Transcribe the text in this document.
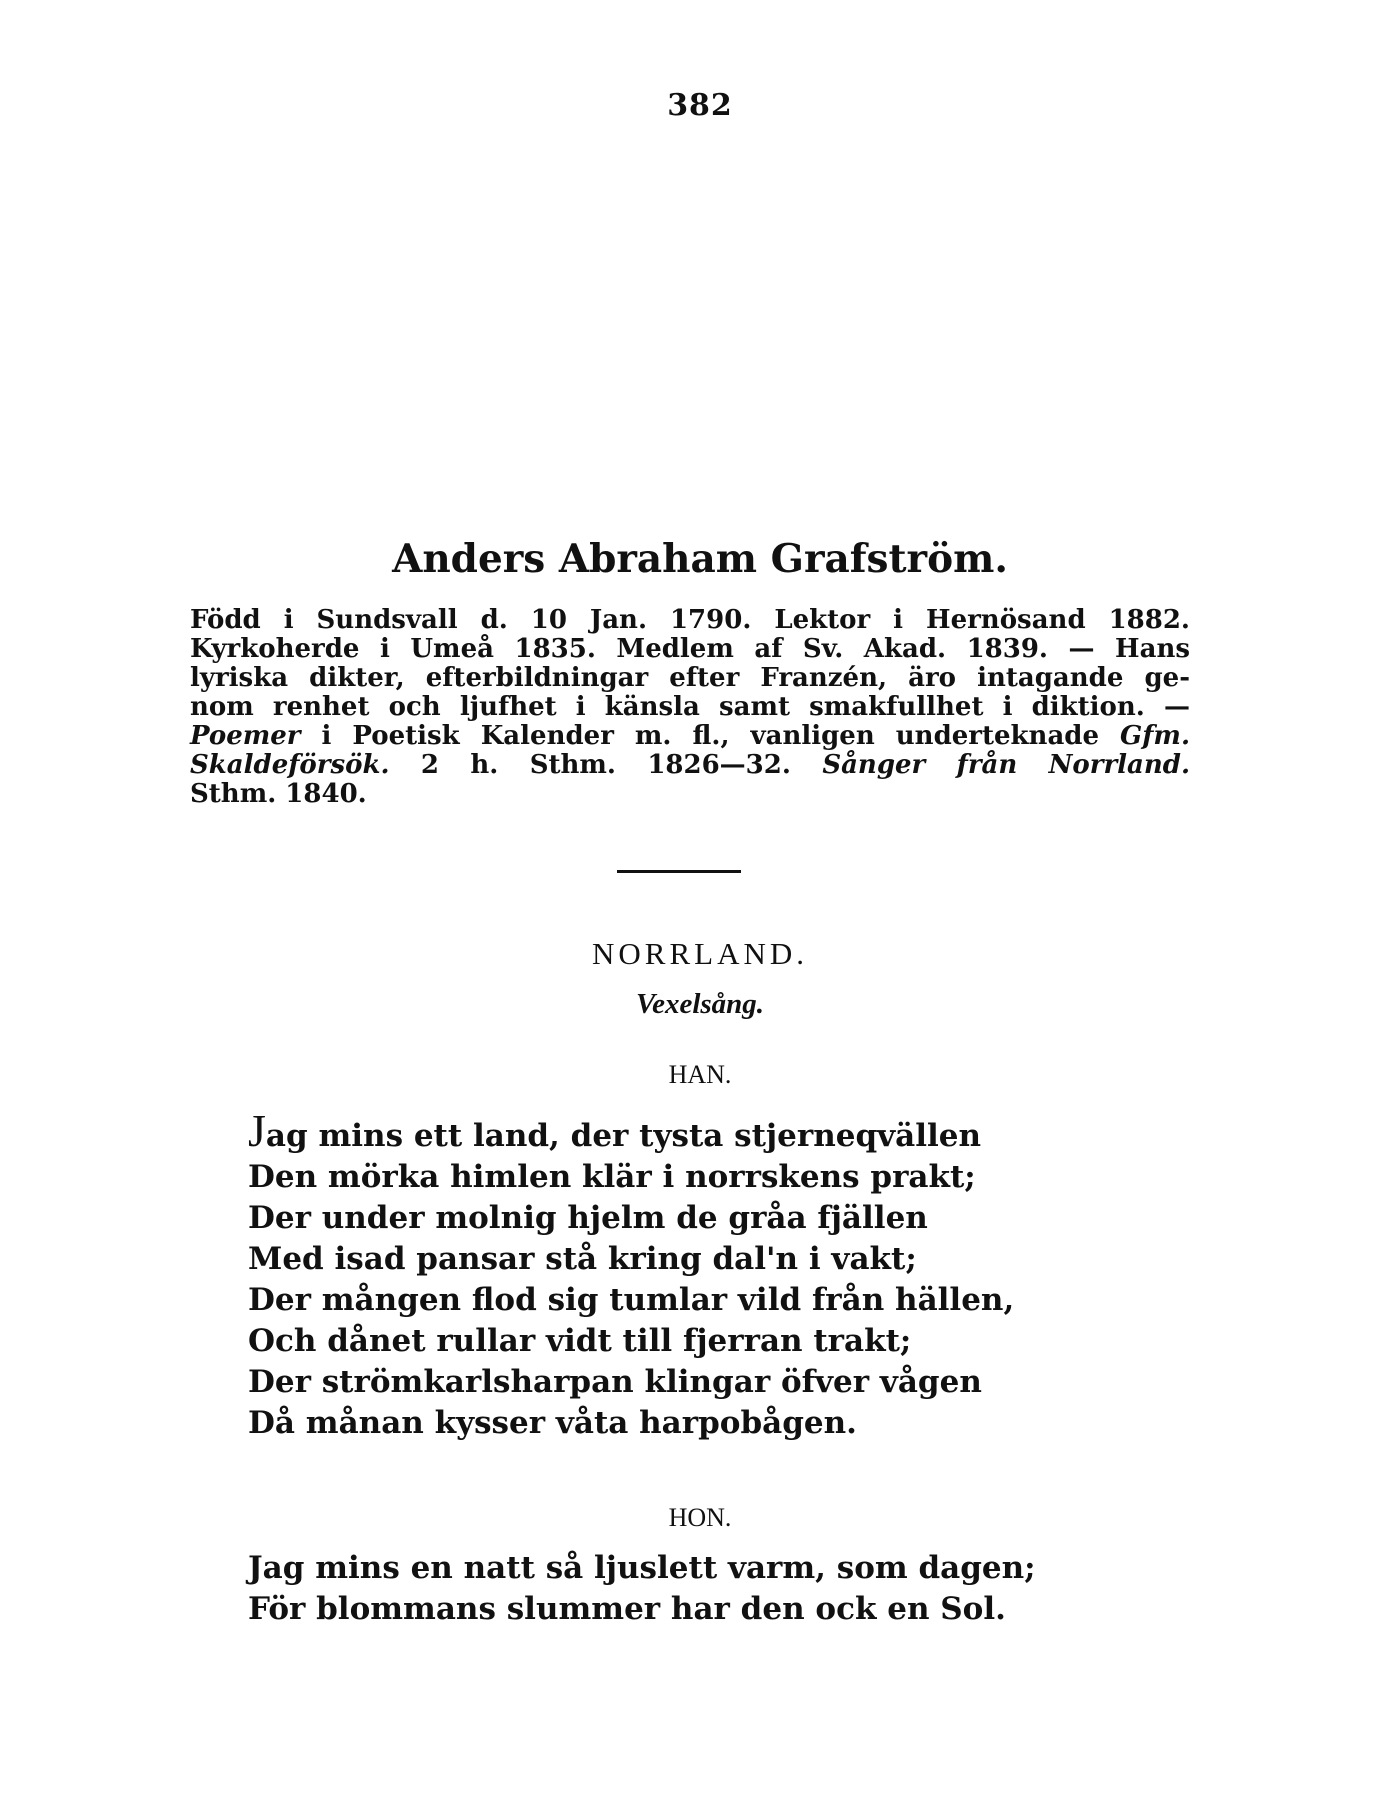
382
Anders Abraham Grafström.
Född i Sundsvall d. 10 Jan. 1790. Lektor i Hernösand 1882.
Kyrkoherde i Umeå 1835. Medlem af Sv. Akad. 1839. — Hans
lyriska dikter, efterbildningar efter Franzén, äro intagande ge-
nom renhet och ljufhet i känsla samt smakfullhet i diktion. —
Poemer i Poetisk Kalender m. fl., vanligen underteknade Gfm.
Skaldeförsök. 2 h. Sthm. 1826—32. Sånger från Norrland.
Sthm. 1840.
NORRLAND.
Vexelsång.
HAN.
Jag mins ett land, der tysta stjerneqvällen
Den mörka himlen klär i norrskens prakt;
Der under molnig hjelm de gråa fjällen
Med isad pansar stå kring dal'n i vakt;
Der mången flod sig tumlar vild från hällen,
Och dånet rullar vidt till fjerran trakt;
Der strömkarlsharpan klingar öfver vågen
Då månan kysser våta harpobågen.
HON.
Jag mins en natt så ljuslett varm, som dagen;
För blommans slummer har den ock en Sol.
